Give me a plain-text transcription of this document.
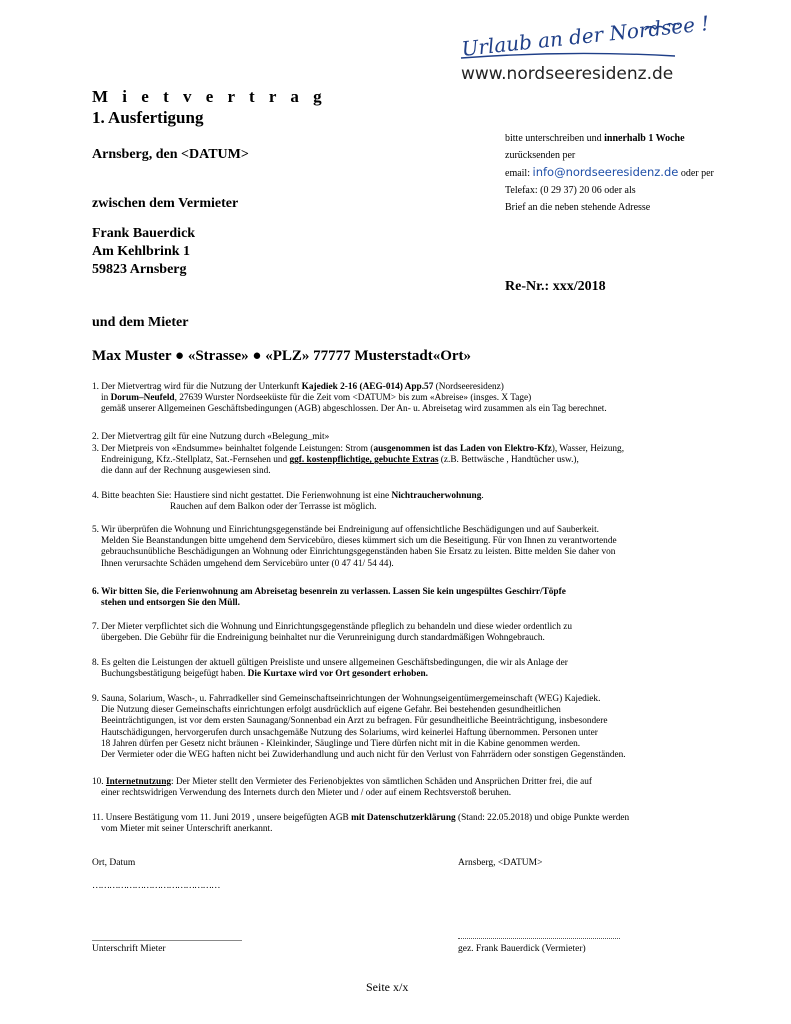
Urlaub an der Nordsee !
www.nordseeresidenz.de
M i e t v e r t r a g
1. Ausfertigung
Arnsberg, den <DATUM>
bitte unterschreiben und innerhalb 1 Woche
zurücksenden per
email: info@nordseeresidenz.de oder per
Telefax: (0 29 37) 20 06 oder als
Brief an die neben stehende Adresse
zwischen dem Vermieter
Frank Bauerdick
Am Kehlbrink 1
59823 Arnsberg
Re-Nr.: xxx/2018
und dem Mieter
Max Muster ● «Strasse» ● «PLZ» 77777 Musterstadt«Ort»
1. Der Mietvertrag wird für die Nutzung der Unterkunft Kajediek 2-16 (AEG-014) App.57 (Nordseeresidenz)
in Dorum–Neufeld, 27639 Wurster Nordseeküste für die Zeit vom <DATUM> bis zum «Abreise» (insges. X Tage)
gemäß unserer Allgemeinen Geschäftsbedingungen (AGB) abgeschlossen. Der An- u. Abreisetag wird zusammen als ein Tag berechnet.
2. Der Mietvertrag gilt für eine Nutzung durch «Belegung_mit»
3. Der Mietpreis von «Endsumme» beinhaltet folgende Leistungen: Strom (ausgenommen ist das Laden von Elektro-Kfz), Wasser, Heizung,
Endreinigung, Kfz.-Stellplatz, Sat.-Fernsehen und ggf. kostenpflichtige, gebuchte Extras (z.B. Bettwäsche , Handtücher usw.),
die dann auf der Rechnung ausgewiesen sind.
4. Bitte beachten Sie: Haustiere sind nicht gestattet. Die Ferienwohnung ist eine Nichtraucherwohnung.
Rauchen auf dem Balkon oder der Terrasse ist möglich.
5. Wir überprüfen die Wohnung und Einrichtungsgegenstände bei Endreinigung auf offensichtliche Beschädigungen und auf Sauberkeit.
Melden Sie Beanstandungen bitte umgehend dem Servicebüro, dieses kümmert sich um die Beseitigung. Für von Ihnen zu verantwortende
gebrauchsunübliche Beschädigungen an Wohnung oder Einrichtungsgegenständen haben Sie Ersatz zu leisten. Bitte melden Sie daher von
Ihnen verursachte Schäden umgehend dem Servicebüro unter (0 47 41/ 54 44).
6. Wir bitten Sie, die Ferienwohnung am Abreisetag besenrein zu verlassen. Lassen Sie kein ungespültes Geschirr/Töpfe
stehen und entsorgen Sie den Müll.
7. Der Mieter verpflichtet sich die Wohnung und Einrichtungsgegenstände pfleglich zu behandeln und diese wieder ordentlich zu
übergeben. Die Gebühr für die Endreinigung beinhaltet nur die Verunreinigung durch standardmäßigen Wohngebrauch.
8. Es gelten die Leistungen der aktuell gültigen Preisliste und unsere allgemeinen Geschäftsbedingungen, die wir als Anlage der
Buchungsbestätigung beigefügt haben. Die Kurtaxe wird vor Ort gesondert erhoben.
9. Sauna, Solarium, Wasch-, u. Fahrradkeller sind Gemeinschaftseinrichtungen der Wohnungseigentümergemeinschaft (WEG) Kajediek.
Die Nutzung dieser Gemeinschafts einrichtungen erfolgt ausdrücklich auf eigene Gefahr. Bei bestehenden gesundheitlichen
Beeinträchtigungen, ist vor dem ersten Saunagang/Sonnenbad ein Arzt zu befragen. Für gesundheitliche Beeinträchtigung, insbesondere
Hautschädigungen, hervorgerufen durch unsachgemäße Nutzung des Solariums, wird keinerlei Haftung übernommen. Personen unter
18 Jahren dürfen per Gesetz nicht bräunen - Kleinkinder, Säuglinge und Tiere dürfen nicht mit in die Kabine genommen werden.
Der Vermieter oder die WEG haften nicht bei Zuwiderhandlung und auch nicht für den Verlust von Fahrrädern oder sonstigen Gegenständen.
10. Internetnutzung: Der Mieter stellt den Vermieter des Ferienobjektes von sämtlichen Schäden und Ansprüchen Dritter frei, die auf
einer rechtswidrigen Verwendung des Internets durch den Mieter und / oder auf einem Rechtsverstoß beruhen.
11. Unsere Bestätigung vom 11. Juni 2019 , unsere beigefügten AGB mit Datenschutzerklärung (Stand: 22.05.2018) und obige Punkte werden
vom Mieter mit seiner Unterschrift anerkannt.
Ort, Datum	Arnsberg, <DATUM>
………………………………………
Unterschrift Mieter	gez. Frank Bauerdick (Vermieter)
Seite x/x
